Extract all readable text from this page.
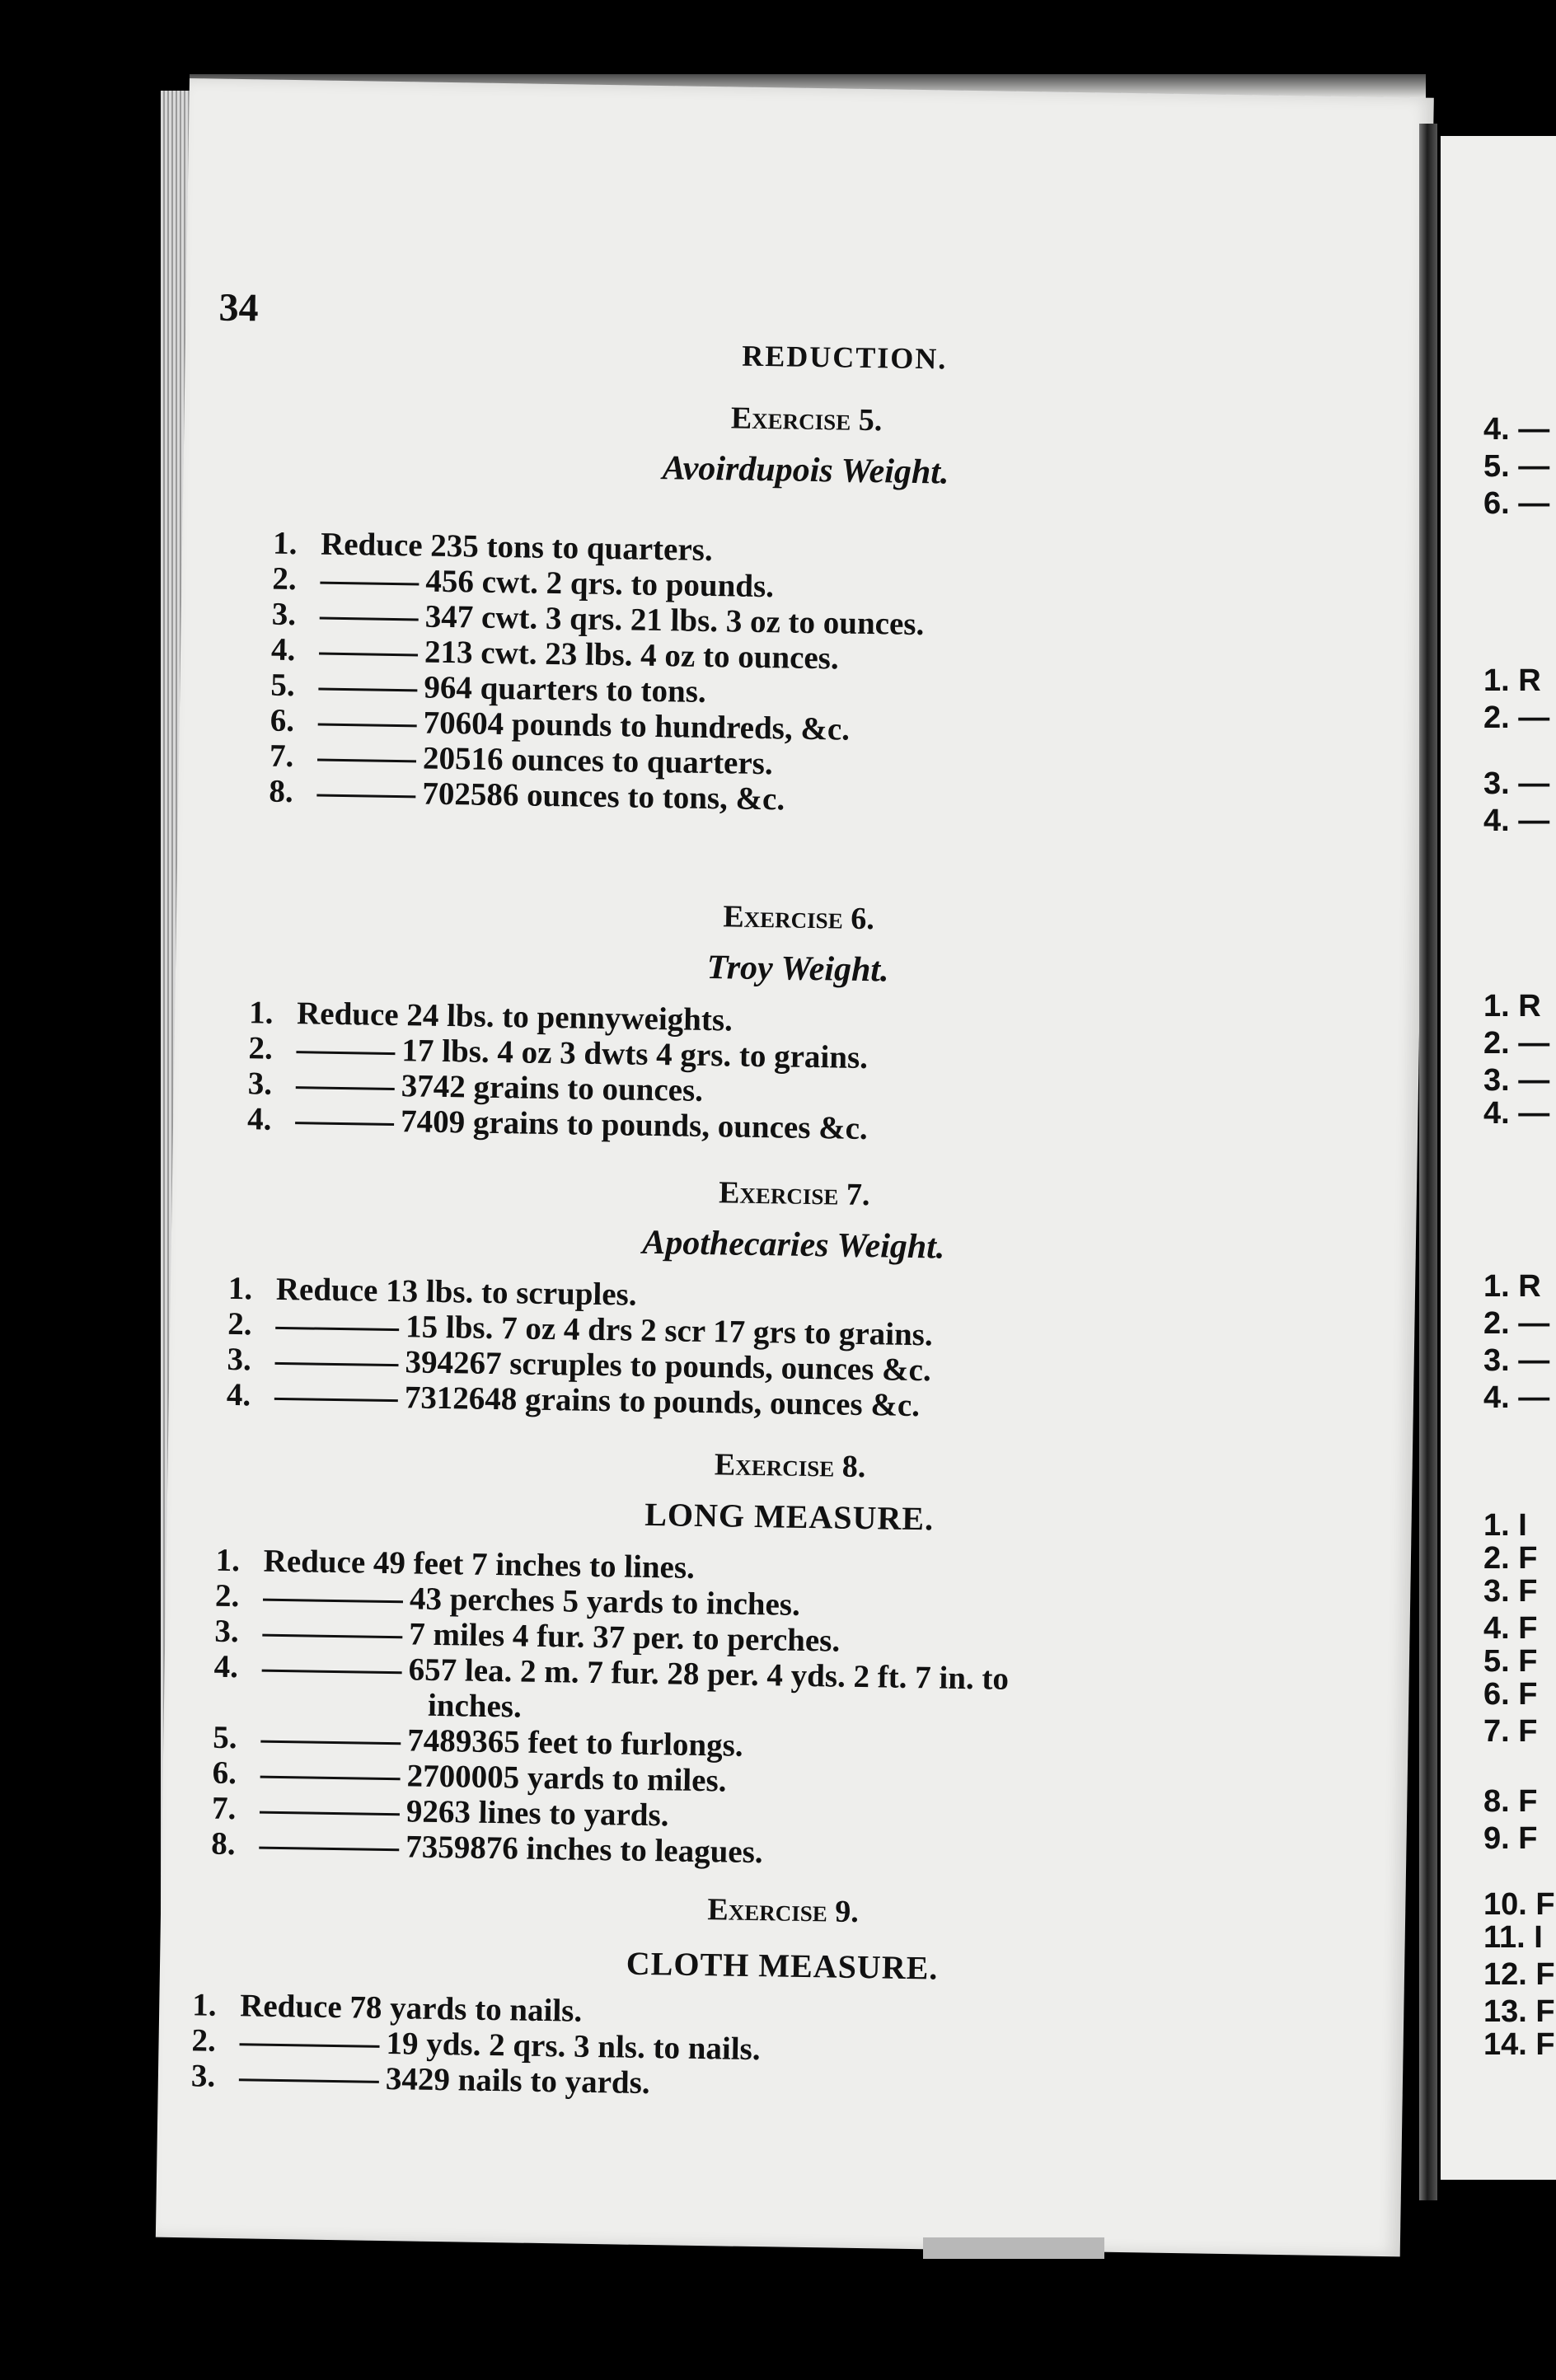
34
REDUCTION.
Exercise 5.
Avoirdupois Weight.
1. Reduce 235 tons to quarters.
2.	456 cwt. 2 qrs. to pounds.
3.	347 cwt. 3 qrs. 21 lbs. 3 oz to ounces.
4.	213 cwt. 23 lbs. 4 oz to ounces.
5.	964 quarters to tons.
6.	70604 pounds to hundreds, &c.
7.	20516 ounces to quarters.
8.	702586 ounces to tons, &c.
Exercise 6.
Troy Weight.
1. Reduce 24 lbs. to pennyweights.
2.	17 lbs. 4 oz 3 dwts 4 grs. to grains.
3.	3742 grains to ounces.
4.	7409 grains to pounds, ounces &c.
Exercise 7.
Apothecaries Weight.
1. Reduce 13 lbs. to scruples.
2.	15 lbs. 7 oz 4 drs 2 scr 17 grs to grains.
3.	394267 scruples to pounds, ounces &c.
4.	7312648 grains to pounds, ounces &c.
Exercise 8.
LONG MEASURE.
1. Reduce 49 feet 7 inches to lines.
2.	43 perches 5 yards to inches.
3.	7 miles 4 fur. 37 per. to perches.
4.	657 lea. 2 m. 7 fur. 28 per. 4 yds. 2 ft. 7 in. to
inches.
5.	7489365 feet to furlongs.
6.	2700005 yards to miles.
7.	9263 lines to yards.
8.	7359876 inches to leagues.
Exercise 9.
CLOTH MEASURE.
1. Reduce 78 yards to nails.
2.	19 yds. 2 qrs. 3 nls. to nails.
3.	3429 nails to yards.
4. —
5. —
6. —
1. R
2. —
3. —
4. —
1. R
2. —
3. —
4. —
1. R
2. —
3. —
4. —
1. I
2. F
3. F
4. F
5. F
6. F
7. F
8. F
9. F
10. F
11. I
12. F
13. F
14. F
